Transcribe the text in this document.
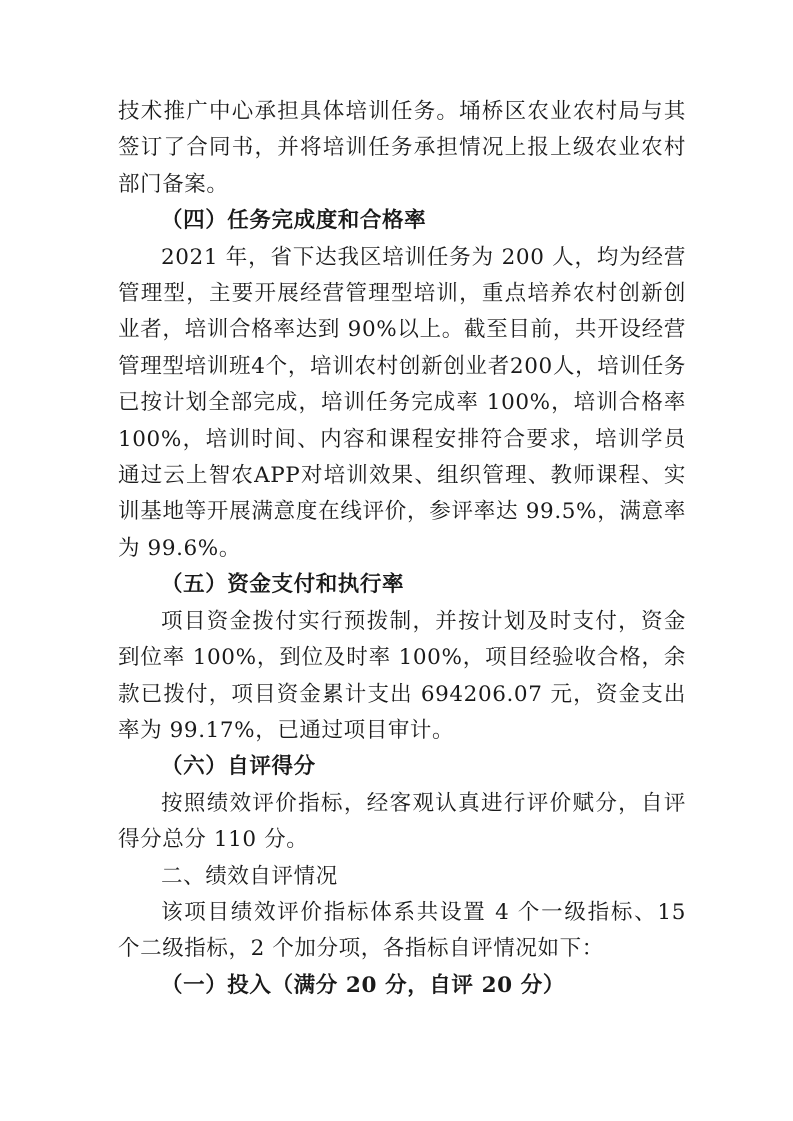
技术推广中心承担具体培训任务。埇桥区农业农村局与其签订了合同书，并将培训任务承担情况上报上级农业农村部门备案。

（四）任务完成度和合格率

2021 年，省下达我区培训任务为 200 人，均为经营管理型，主要开展经营管理型培训，重点培养农村创新创业者，培训合格率达到 90%以上。截至目前，共开设经营管理型培训班4个，培训农村创新创业者200人，培训任务已按计划全部完成，培训任务完成率 100%，培训合格率 100%，培训时间、内容和课程安排符合要求，培训学员通过云上智农APP对培训效果、组织管理、教师课程、实训基地等开展满意度在线评价，参评率达 99.5%，满意率为 99.6%。

（五）资金支付和执行率

项目资金拨付实行预拨制，并按计划及时支付，资金到位率 100%，到位及时率 100%，项目经验收合格，余款已拨付，项目资金累计支出 694206.07 元，资金支出率为 99.17%，已通过项目审计。

（六）自评得分

按照绩效评价指标，经客观认真进行评价赋分，自评得分总分 110 分。

二、绩效自评情况

该项目绩效评价指标体系共设置 4 个一级指标、15 个二级指标，2 个加分项，各指标自评情况如下：

（一）投入（满分 20 分，自评 20 分）
